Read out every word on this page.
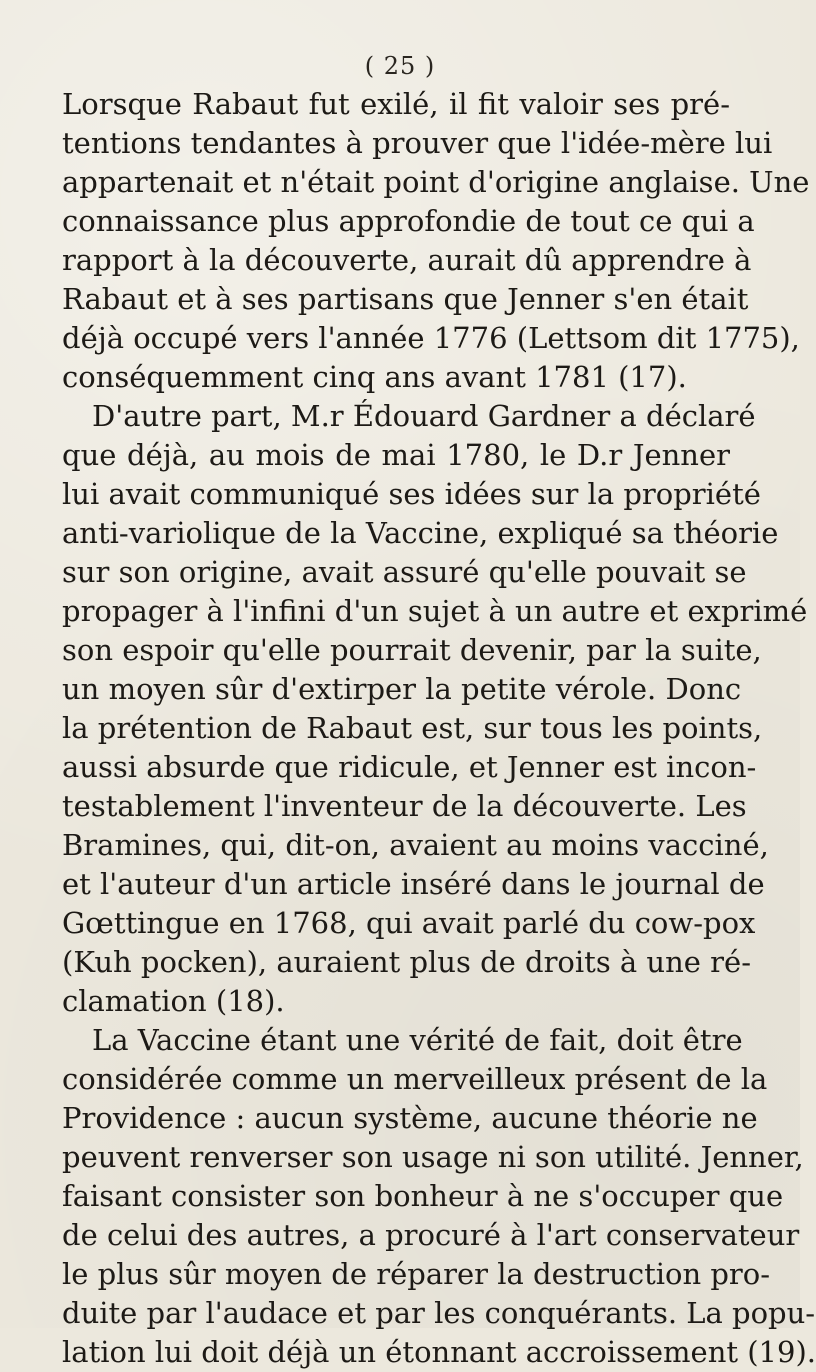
( 25 )
Lorsque Rabaut fut exilé, il fit valoir ses pré-
tentions tendantes à prouver que l'idée-mère lui
appartenait et n'était point d'origine anglaise. Une
connaissance plus approfondie de tout ce qui a
rapport à la découverte, aurait dû apprendre à
Rabaut et à ses partisans que Jenner s'en était
déjà occupé vers l'année 1776 (Lettsom dit 1775),
conséquemment cinq ans avant 1781 (17).
D'autre part, M.r Édouard Gardner a déclaré
que déjà, au mois de mai 1780, le D.r Jenner
lui avait communiqué ses idées sur la propriété
anti-variolique de la Vaccine, expliqué sa théorie
sur son origine, avait assuré qu'elle pouvait se
propager à l'infini d'un sujet à un autre et exprimé
son espoir qu'elle pourrait devenir, par la suite,
un moyen sûr d'extirper la petite vérole. Donc
la prétention de Rabaut est, sur tous les points,
aussi absurde que ridicule, et Jenner est incon-
testablement l'inventeur de la découverte. Les
Bramines, qui, dit-on, avaient au moins vacciné,
et l'auteur d'un article inséré dans le journal de
Gœttingue en 1768, qui avait parlé du cow-pox
(Kuh pocken), auraient plus de droits à une ré-
clamation (18).
La Vaccine étant une vérité de fait, doit être
considérée comme un merveilleux présent de la
Providence : aucun système, aucune théorie ne
peuvent renverser son usage ni son utilité. Jenner,
faisant consister son bonheur à ne s'occuper que
de celui des autres, a procuré à l'art conservateur
le plus sûr moyen de réparer la destruction pro-
duite par l'audace et par les conquérants. La popu-
lation lui doit déjà un étonnant accroissement (19).
